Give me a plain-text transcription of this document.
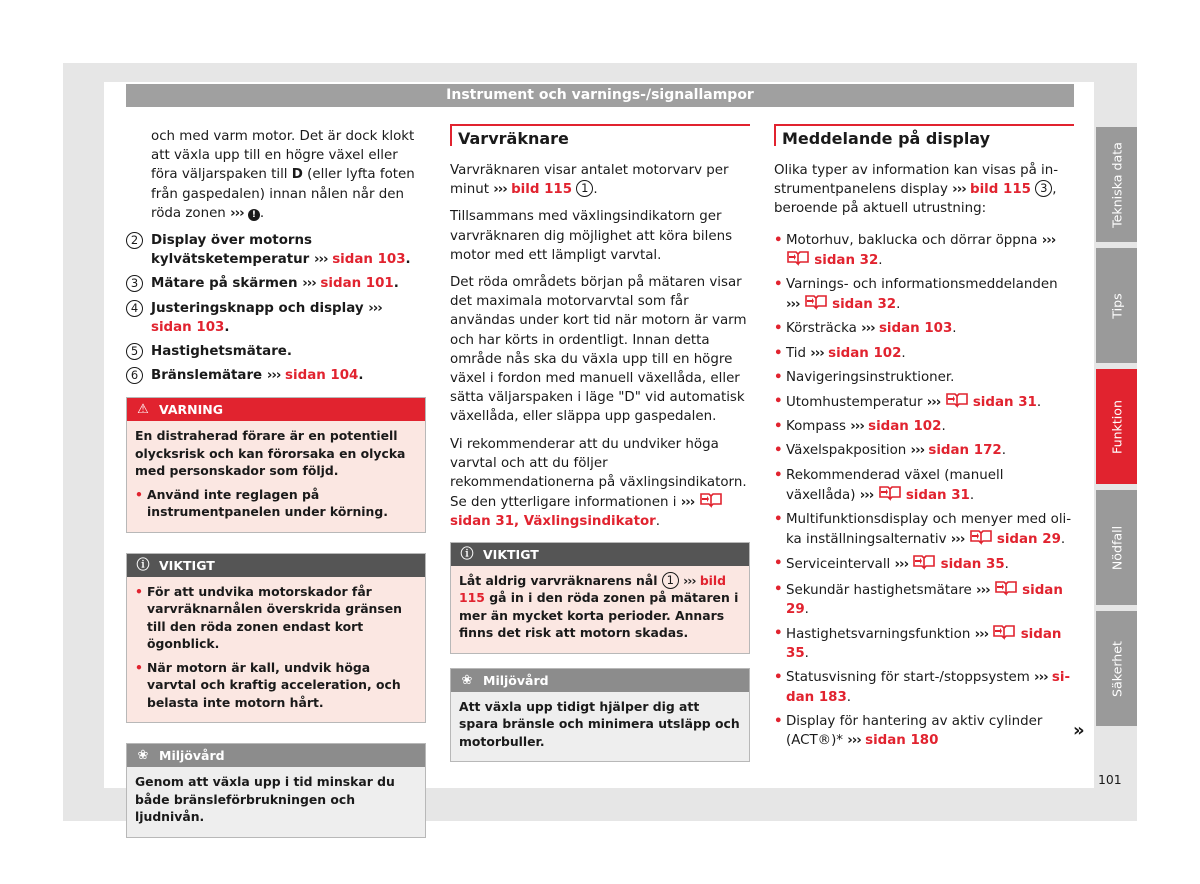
Instrument och varnings-/signallampor

och med varm motor. Det är dock klokt att växla upp till en högre växel eller föra väljarspaken till D (eller lyfta foten från gaspedalen) innan nålen når den röda zonen ››› ! .

2 Display över motorns kylvätsketemperatur ››› sidan 103.
3 Mätare på skärmen ››› sidan 101.
4 Justeringsknapp och display ››› sidan 103.
5 Hastighetsmätare.
6 Bränslemätare ››› sidan 104.
⚠ VARNING

En distraherad förare är en potentiell olycksrisk och kan förorsaka en olycka med personskador som följd.

• Använd inte reglagen på instrumentpanelen under körning.

ⓘ VIKTIGT

• För att undvika motorskador får varvräknarnålen överskrida gränsen till den röda zonen endast kort ögonblick.

• När motorn är kall, undvik höga varvtal och kraftig acceleration, och belasta inte motorn hårt.

❀ Miljövård

Genom att växla upp i tid minskar du både bränsleförbrukningen och ljudnivån.

Varvräknare

Varvräknaren visar antalet motorvarv per minut ››› bild 115 1 .

Tillsammans med växlingsindikatorn ger varvräknaren dig möjlighet att köra bilens motor med ett lämpligt varvtal.

Det röda områdets början på mätaren visar det maximala motorvarvtal som får användas under kort tid när motorn är varm och har körts in ordentligt. Innan detta område nås ska du växla upp till en högre växel i fordon med manuell växellåda, eller sätta väljarspaken i läge "D" vid automatisk växellåda, eller släppa upp gaspedalen.

Vi rekommenderar att du undviker höga varvtal och att du följer rekommendationerna på växlingsindikatorn. Se den ytterligare informationen i ›››  sidan 31, Växlingsindikator.

ⓘ VIKTIGT

Låt aldrig varvräknarens nål 1 ››› bild 115 gå in i den röda zonen på mätaren i mer än mycket korta perioder. Annars finns det risk att motorn skadas.

❀ Miljövård

Att växla upp tidigt hjälper dig att spara bränsle och minimera utsläpp och motorbuller.

Meddelande på display

Olika typer av information kan visas på instrumentpanelens display ››› bild 115 3 , beroende på aktuell utrustning:

• Motorhuv, baklucka och dörrar öppna ›››  sidan 32.
• Varnings- och informationsmeddelanden ››› sidan 32.
• Körsträcka ››› sidan 103.
• Tid ››› sidan 102.
• Navigeringsinstruktioner.
• Utomhustemperatur ››› sidan 31.
• Kompass ››› sidan 102.
• Växelspakposition ››› sidan 172.
• Rekommenderad växel (manuell växellåda) ››› sidan 31.
• Multifunktionsdisplay och menyer med olika inställningsalternativ ››› sidan 29.
• Serviceintervall ››› sidan 35.
• Sekundär hastighetsmätare ››› sidan 29.
• Hastighetsvarningsfunktion ››› sidan 35.
• Statusvisning för start-/stoppsystem ››› sidan 183.
• Display för hantering av aktiv cylinder (ACT®)* ››› sidan 180	»
Tekniska data
Tips
Funktion
Nödfall
Säkerhet
101
